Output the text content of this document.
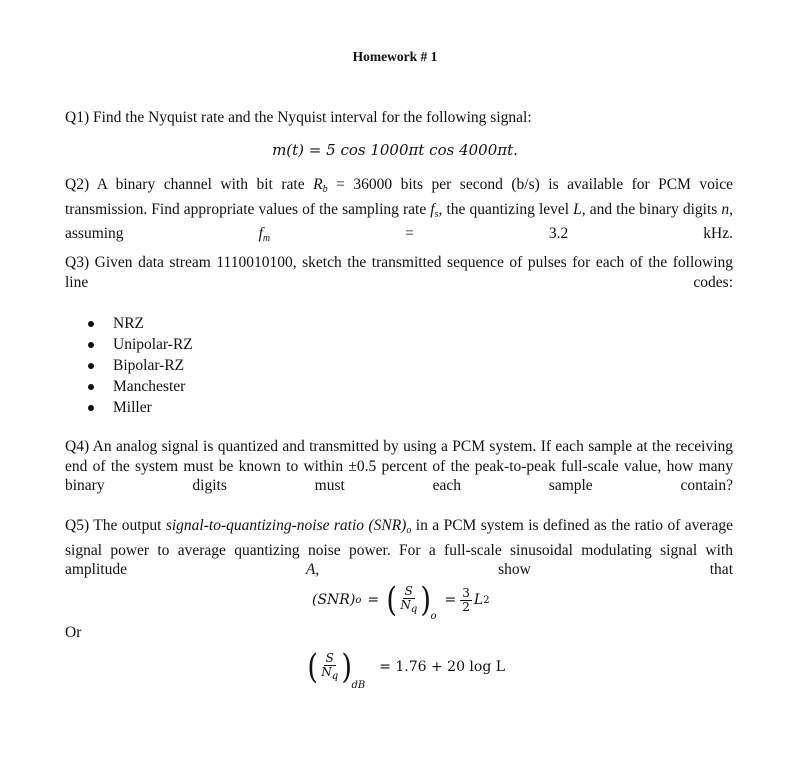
Homework # 1
Q1) Find the Nyquist rate and the Nyquist interval for the following signal:
m(t) = 5 cos 1000πt cos 4000πt.
Q2) A binary channel with bit rate $R_b = 36000$ bits per second (b/s) is available for PCM voice transmission. Find appropriate values of the sampling rate $f_s$, the quantizing level L, and the binary digits n, assuming $f_m = 3.2$ kHz.
Q3) Given data stream 1110010100, sketch the transmitted sequence of pulses for each of the following line codes:
NRZ
Unipolar-RZ
Bipolar-RZ
Manchester
Miller
Q4) An analog signal is quantized and transmitted by using a PCM system. If each sample at the receiving end of the system must be known to within ±0.5 percent of the peak-to-peak full-scale value, how many binary digits must each sample contain?
Q5) The output signal-to-quantizing-noise ratio $(SNR)_o$ in a PCM system is defined as the ratio of average signal power to average quantizing noise power. For a full-scale sinusoidal modulating signal with amplitude A, show that
(SNR) o = ( $\frac{S}{N_q}$ ) o
= $\frac{3}{2}$ L 2
Or
( $\frac{S}{N_q}$ ) dB
= 1.76 + 20 log L
